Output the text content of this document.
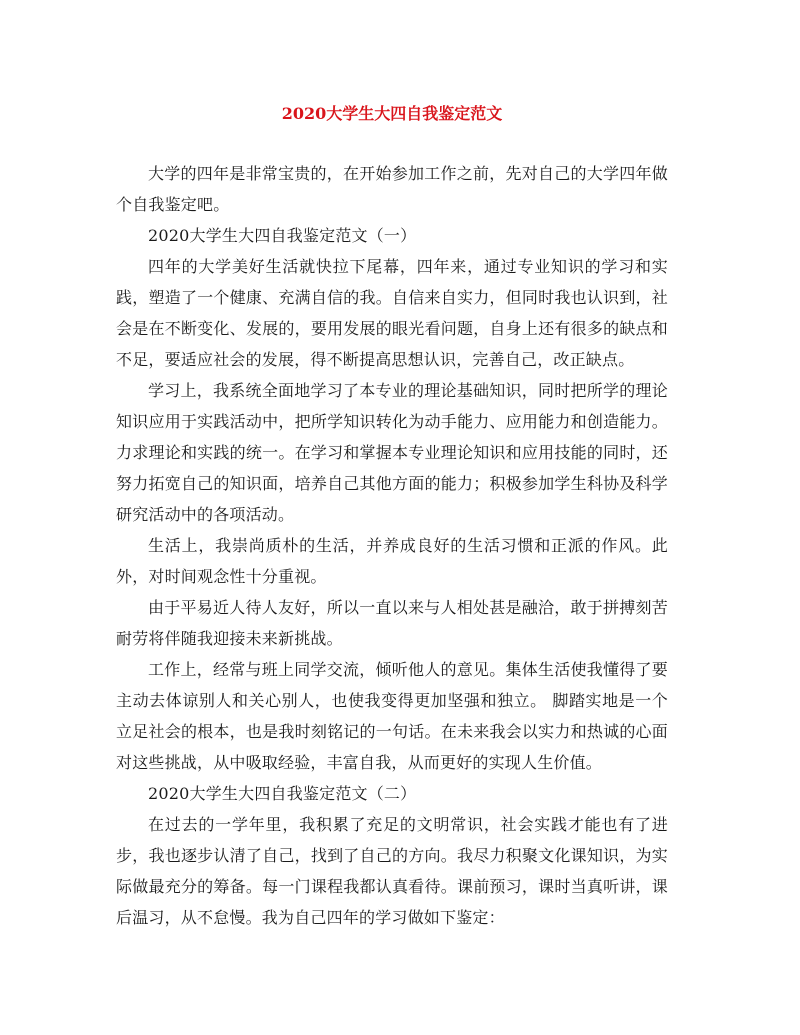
2020大学生大四自我鉴定范文

大学的四年是非常宝贵的，在开始参加工作之前，先对自己的大学四年做个自我鉴定吧。

2020大学生大四自我鉴定范文（一）

四年的大学美好生活就快拉下尾幕，四年来，通过专业知识的学习和实践，塑造了一个健康、充满自信的我。自信来自实力，但同时我也认识到，社会是在不断变化、发展的，要用发展的眼光看问题，自身上还有很多的缺点和不足，要适应社会的发展，得不断提高思想认识，完善自己，改正缺点。

学习上，我系统全面地学习了本专业的理论基础知识，同时把所学的理论知识应用于实践活动中，把所学知识转化为动手能力、应用能力和创造能力。力求理论和实践的统一。在学习和掌握本专业理论知识和应用技能的同时，还努力拓宽自己的知识面，培养自己其他方面的能力；积极参加学生科协及科学研究活动中的各项活动。

生活上，我崇尚质朴的生活，并养成良好的生活习惯和正派的作风。此外，对时间观念性十分重视。

由于平易近人待人友好，所以一直以来与人相处甚是融洽，敢于拼搏刻苦耐劳将伴随我迎接未来新挑战。

工作上，经常与班上同学交流，倾听他人的意见。集体生活使我懂得了要主动去体谅别人和关心别人，也使我变得更加坚强和独立。 脚踏实地是一个立足社会的根本，也是我时刻铭记的一句话。在未来我会以实力和热诚的心面对这些挑战，从中吸取经验，丰富自我，从而更好的实现人生价值。

2020大学生大四自我鉴定范文（二）

在过去的一学年里，我积累了充足的文明常识，社会实践才能也有了进步，我也逐步认清了自己，找到了自己的方向。我尽力积聚文化课知识，为实际做最充分的筹备。每一门课程我都认真看待。课前预习，课时当真听讲，课后温习，从不怠慢。我为自己四年的学习做如下鉴定：
